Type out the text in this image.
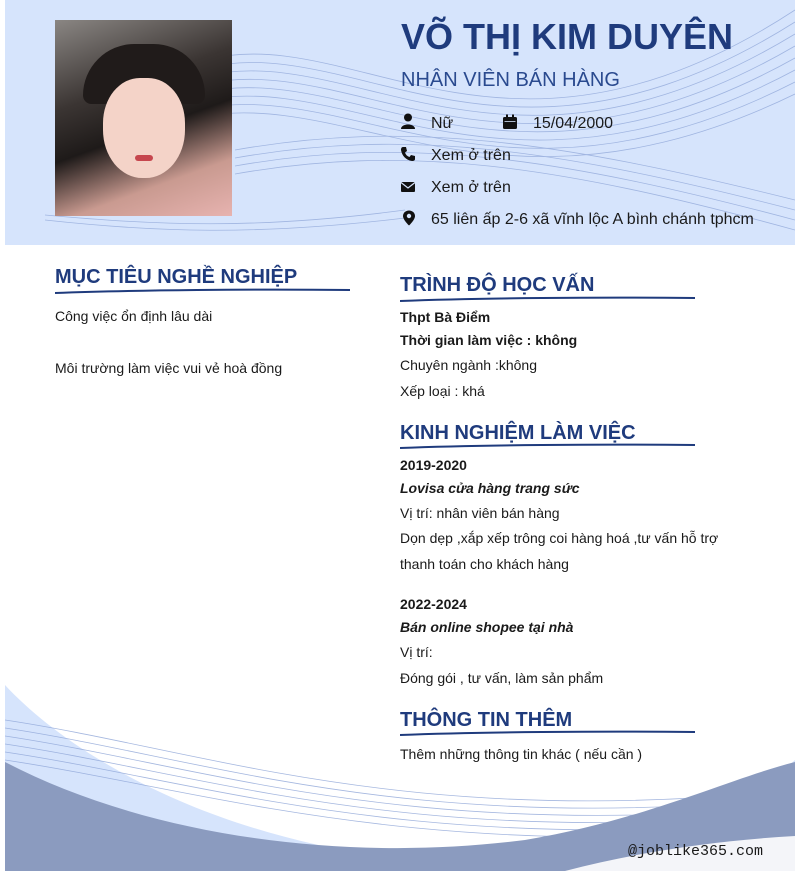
VÕ THỊ KIM DUYÊN
NHÂN VIÊN BÁN HÀNG
Nữ	15/04/2000
Xem ở trên
Xem ở trên
65 liên ấp 2-6 xã vĩnh lộc A bình chánh tphcm
MỤC TIÊU NGHỀ NGHIỆP

Công việc ổn định lâu dài

Môi trường làm việc vui vẻ hoà đồng

TRÌNH ĐỘ HỌC VẤN

Thpt Bà Điểm

Thời gian làm việc : không

Chuyên ngành :không

Xếp loại : khá

KINH NGHIỆM LÀM VIỆC

2019-2020

Lovisa cửa hàng trang sức

Vị trí: nhân viên bán hàng

Dọn dẹp ,xắp xếp trông coi hàng hoá ,tư vấn hỗ trợ thanh toán cho khách hàng

2022-2024

Bán online shopee tại nhà

Vị trí:

Đóng gói , tư vấn, làm sản phẩm

THÔNG TIN THÊM

Thêm những thông tin khác ( nếu cần )

@joblike365.com
